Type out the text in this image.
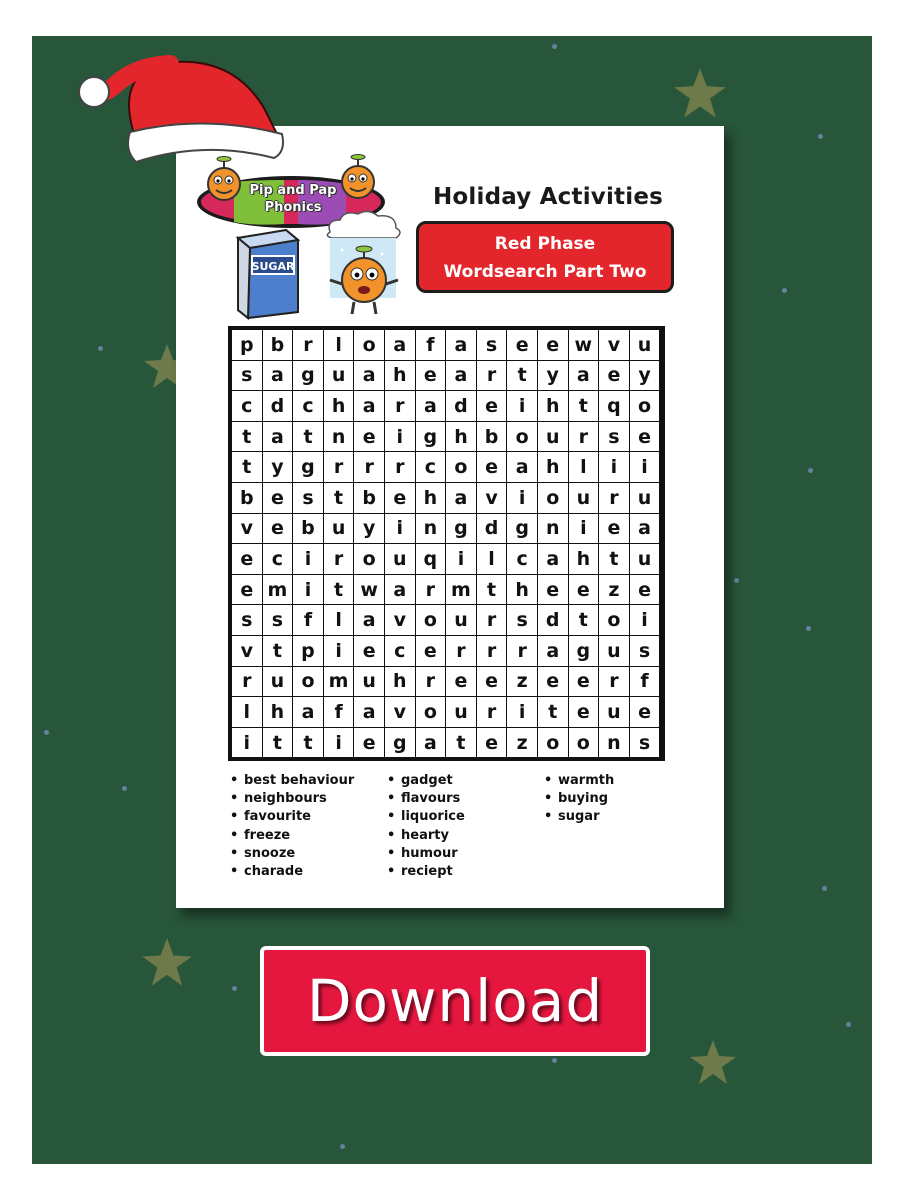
Pip and Pap
Phonics	Holiday Activities
Red Phase
Wordsearch Part Two
SUGAR
p b	r	l	o a	f	a s e e w v u
s a g u a h e a	r	t	y a e y
c d c h a	r	a d e	i	h	t	q o
t	a	t	n e	i	g h b o u	r	s e
t	y g	r	r	r	c o e a h	l	i	i
b e s	t	b e h a v	i	o u	r	u
v e b u y	i	n g d g n	i	e a
e c	i	r	o u q	i	l	c a h	t	u
e m i	t w a	r m t	h e e z e
s	s	f	l	a v o u	r	s d	t	o	i
v	t	p	i	e c e	r	r	r	a g u s
r	u o m u h	r	e e z e e	r	f
l	h a	f	a v o u	r	i	t	e u e
i	t	t	i	e g a	t	e z o o n s
• best behaviour
• neighbours
• favourite
• freeze
• snooze
• charade
• gadget
• flavours
• liquorice
• hearty
• humour
• reciept
• warmth
• buying
• sugar
Download
